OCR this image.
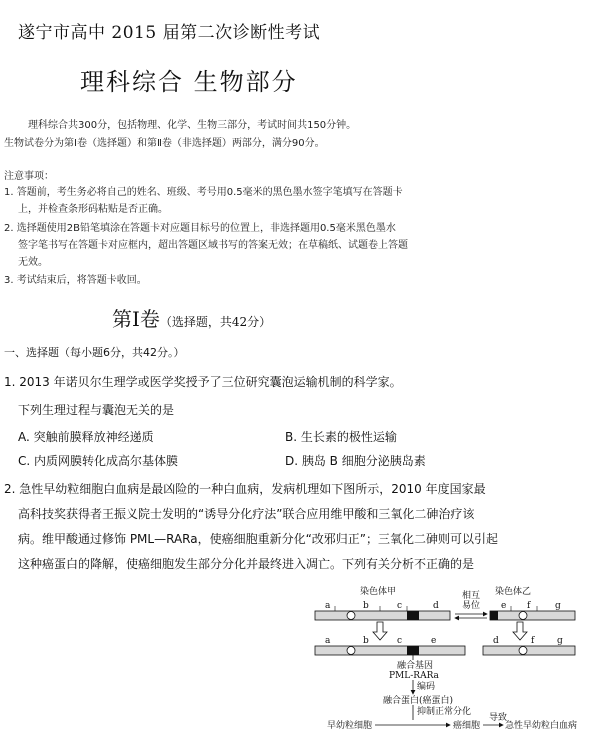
遂宁市高中 2015 届第二次诊断性考试
理科综合 生物部分
理科综合共300分，包括物理、化学、生物三部分，考试时间共150分钟。
生物试卷分为第Ⅰ卷（选择题）和第Ⅱ卷（非选择题）两部分，满分90分。
注意事项：
1. 答题前，考生务必将自己的姓名、班级、考号用0.5毫米的黑色墨水签字笔填写在答题卡
上，并检查条形码粘贴是否正确。
2. 选择题使用2B铅笔填涂在答题卡对应题目标号的位置上，非选择题用0.5毫米黑色墨水
签字笔书写在答题卡对应框内，超出答题区域书写的答案无效；在草稿纸、试题卷上答题
无效。
3. 考试结束后，将答题卡收回。
第Ⅰ卷（选择题，共42分）
一、选择题（每小题6分，共42分。）
1. 2013 年诺贝尔生理学或医学奖授予了三位研究囊泡运输机制的科学家。
下列生理过程与囊泡无关的是
A. 突触前膜释放神经递质	B. 生长素的极性运输
C. 内质网膜转化成高尔基体膜	D. 胰岛 B 细胞分泌胰岛素
2. 急性早幼粒细胞白血病是最凶险的一种白血病，发病机理如下图所示，2010 年度国家最
高科技奖获得者王振义院士发明的“诱导分化疗法”联合应用维甲酸和三氧化二砷治疗该
病。维甲酸通过修饰 PML—RARa，使癌细胞重新分化“改邪归正”；三氧化二砷则可以引起
这种癌蛋白的降解，使癌细胞发生部分分化并最终进入凋亡。下列有关分析不正确的是
染色体甲	染色体乙
相互
易位
a	b	c	d	e f	g
a	b	c	e	d	f	g
融合基因
PML-RARa
编码
融合蛋白(癌蛋白)
抑制正常分化
早幼粒细胞	癌细胞
导致
急性早幼粒白血病
